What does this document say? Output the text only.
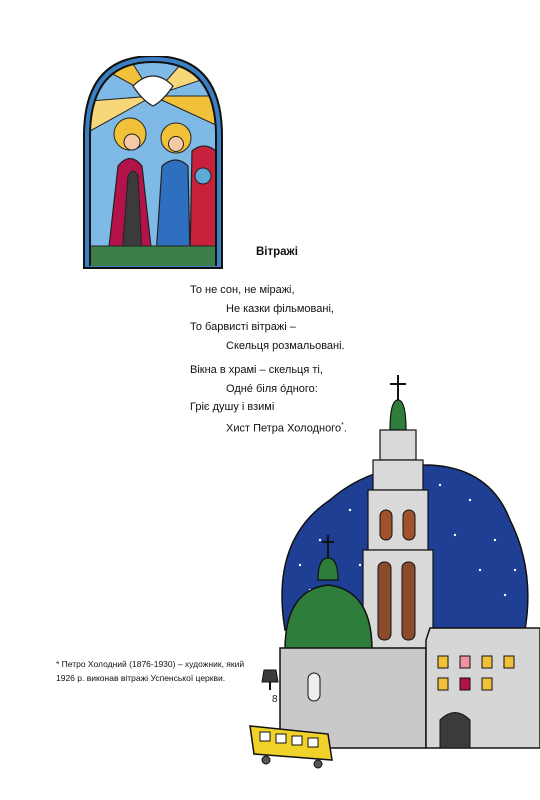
Вітражі
То не сон, не міражі,
Не казки фільмовані,
То барвисті вітражі –
Скельця розмальовані.
Вікна в храмі – скельця ті,
Однé біля óдного:
Гріє душу і взимі
Хист Петра Холодного*.
* Петро Холодний (1876-1930) – художник, який
1926 р. виконав вітражі Успенської церкви.
8
